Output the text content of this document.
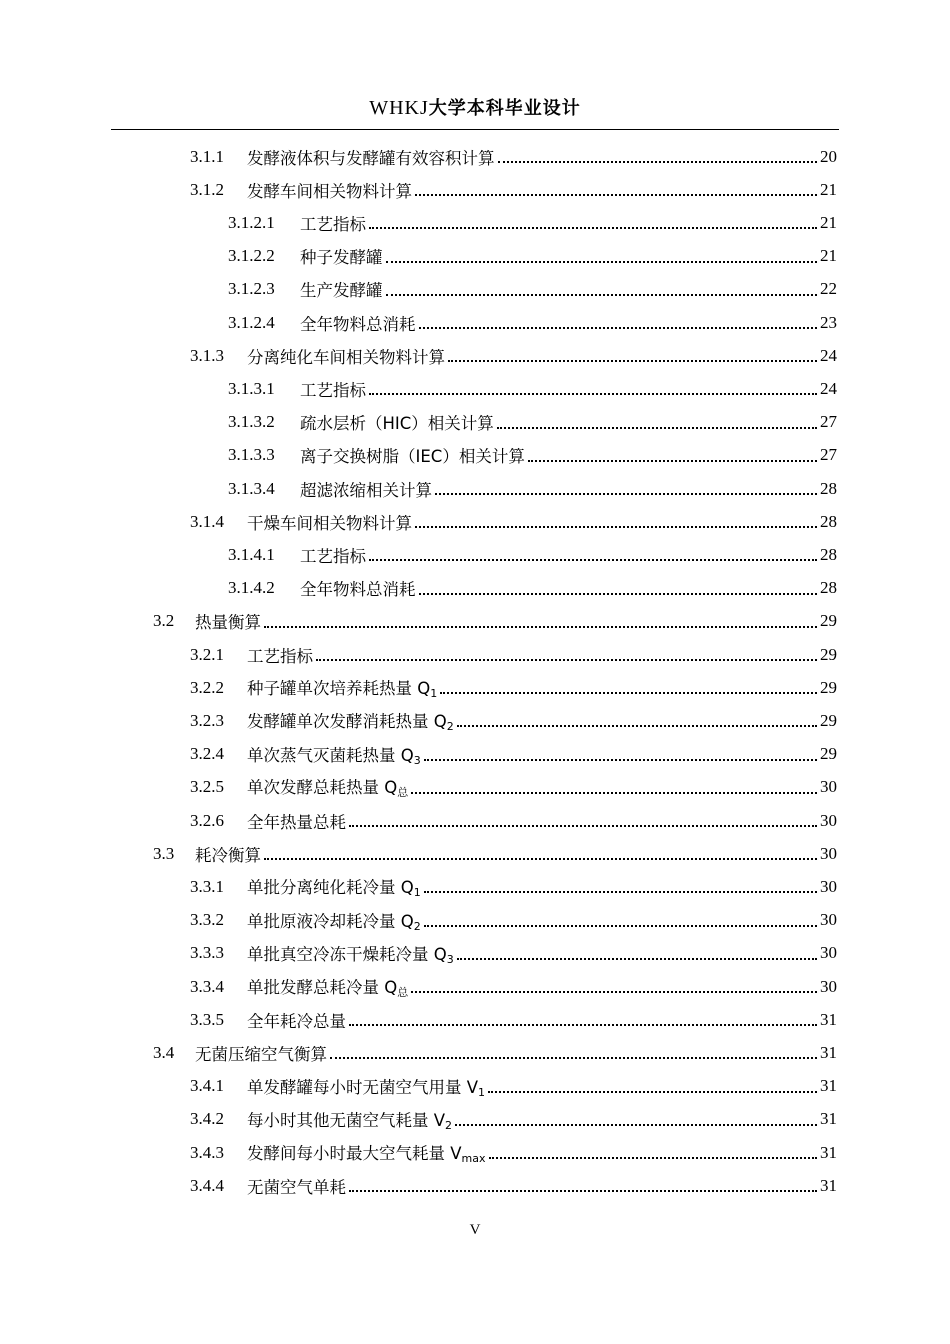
WHKJ大学本科毕业设计
3.1.1	发酵液体积与发酵罐有效容积计算	20
3.1.2	发酵车间相关物料计算	21
3.1.2.1	工艺指标	21
3.1.2.2	种子发酵罐	21
3.1.2.3	生产发酵罐	22
3.1.2.4	全年物料总消耗	23
3.1.3	分离纯化车间相关物料计算	24
3.1.3.1	工艺指标	24
3.1.3.2	疏水层析（HIC）相关计算	27
3.1.3.3	离子交换树脂（IEC）相关计算	27
3.1.3.4	超滤浓缩相关计算	28
3.1.4	干燥车间相关物料计算	28
3.1.4.1	工艺指标	28
3.1.4.2	全年物料总消耗	28
3.2	热量衡算	29
3.2.1	工艺指标	29
3.2.2	种子罐单次培养耗热量 $Q_1$	29
3.2.3	发酵罐单次发酵消耗热量 $Q_2$	29
3.2.4	单次蒸气灭菌耗热量 $Q_3$	29
3.2.5	单次发酵总耗热量 $Q_总$	30
3.2.6	全年热量总耗	30
3.3	耗冷衡算	30
3.3.1	单批分离纯化耗冷量 $Q_1$	30
3.3.2	单批原液冷却耗冷量 $Q_2$	30
3.3.3	单批真空冷冻干燥耗冷量 $Q_3$	30
3.3.4	单批发酵总耗冷量 $Q_总$	30
3.3.5	全年耗冷总量	31
3.4	无菌压缩空气衡算	31
3.4.1	单发酵罐每小时无菌空气用量 $V_1$	31
3.4.2	每小时其他无菌空气耗量 $V_2$	31
3.4.3	发酵间每小时最大空气耗量 $V_{max}$	31
3.4.4	无菌空气单耗	31
V
